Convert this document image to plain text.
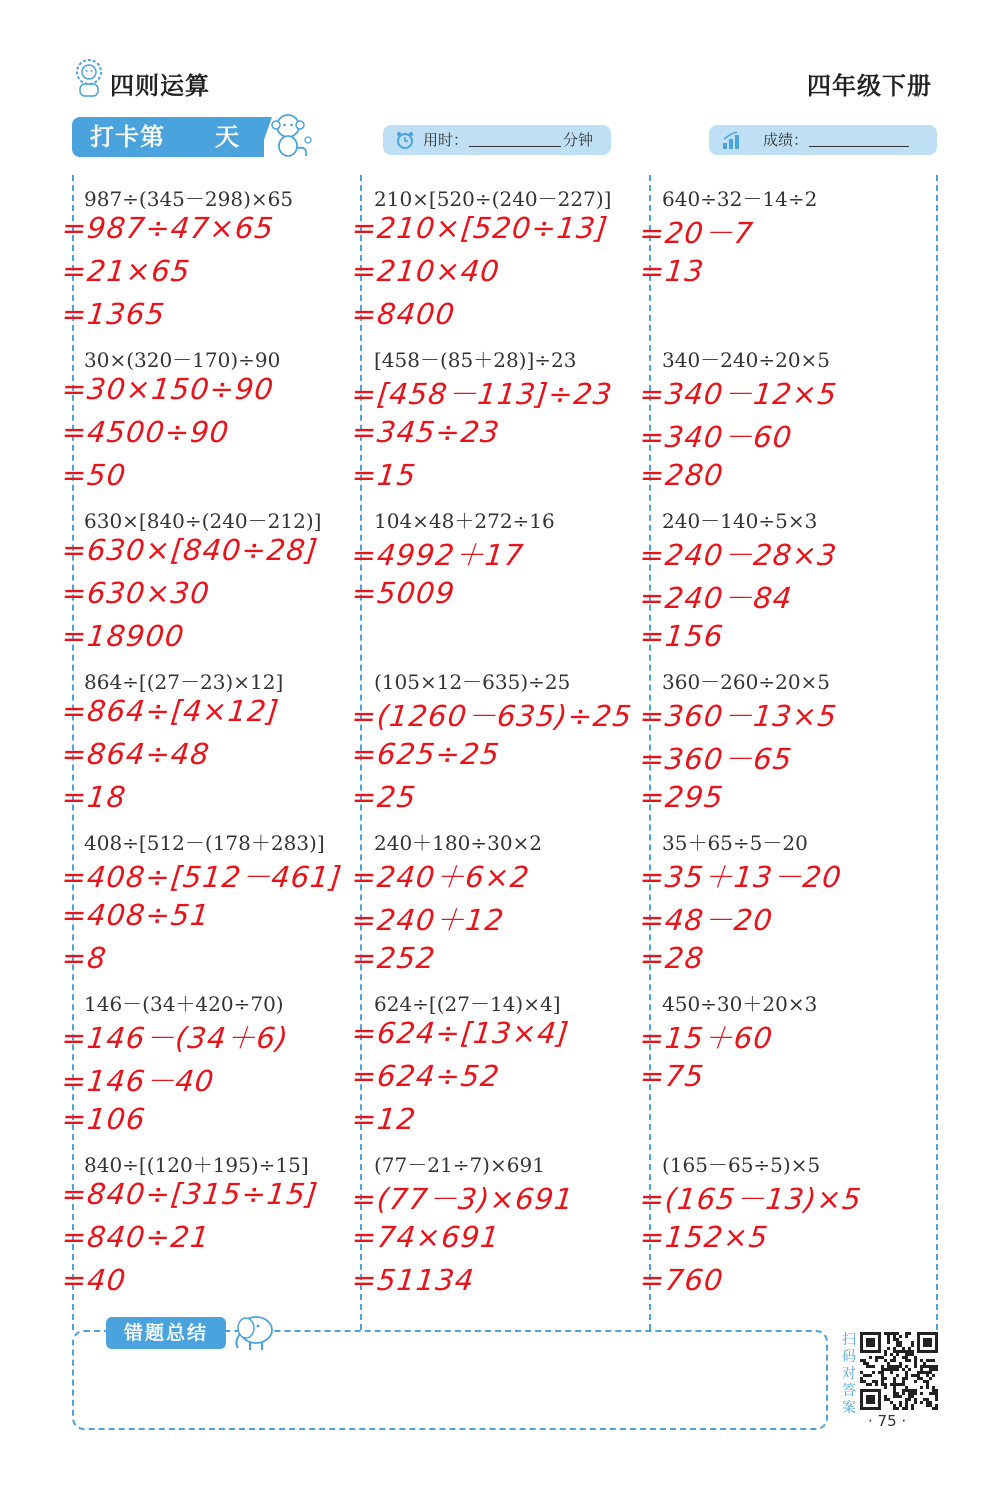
四则运算	四年级下册
打卡第　　天	用时：	分钟	成绩：
987÷(345－298)×65
=987÷47×65
=21×65
=1365
210×[520÷(240－227)]
=210×[520÷13]
=210×40
=8400
640÷32－14÷2
=20－7
=13
30×(320－170)÷90
=30×150÷90
=4500÷90
=50
[458－(85＋28)]÷23
=[458－113]÷23
=345÷23
=15
340－240÷20×5
=340－12×5
=340－60
=280
630×[840÷(240－212)]
=630×[840÷28]
=630×30
=18900
104×48＋272÷16
=4992＋17
=5009
240－140÷5×3
=240－28×3
=240－84
=156
864÷[(27－23)×12]
=864÷[4×12]
=864÷48
=18
(105×12－635)÷25
=(1260－635)÷25
=625÷25
=25
360－260÷20×5
=360－13×5
=360－65
=295
408÷[512－(178＋283)]
=408÷[512－461]
=408÷51
=8
240＋180÷30×2
=240＋6×2
=240＋12
=252
35＋65÷5－20
=35＋13－20
=48－20
=28
146－(34＋420÷70)
=146－(34＋6)
=146－40
=106
624÷[(27－14)×4]
=624÷[13×4]
=624÷52
=12
450÷30＋20×3
=15＋60
=75
840÷[(120＋195)÷15]
=840÷[315÷15]
=840÷21
=40
(77－21÷7)×691
=(77－3)×691
=74×691
=51134
(165－65÷5)×5
=(165－13)×5
=152×5
=760
错题总结	扫码对答案
· 75 ·
